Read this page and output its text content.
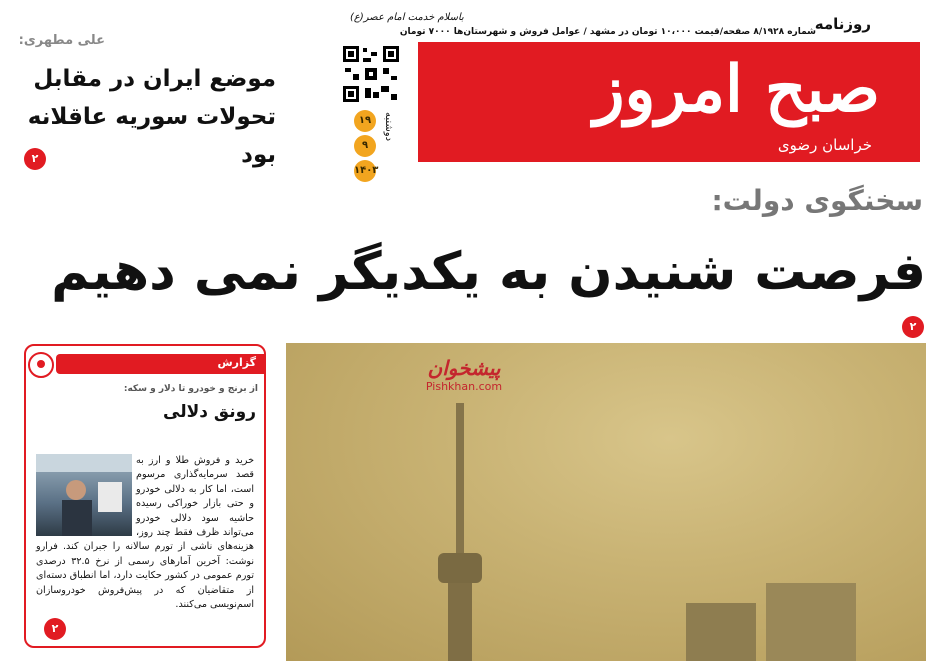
روزنامه
شماره ۸/۱۹۲۸ صفحه/قیمت ۱۰،۰۰۰ تومان در مشهد / عوامل فروش و شهرستان‌ها ۷۰۰۰ تومان
باسلام خدمت امام عصر(ع)
صبح امروز
خراسان رضوی
۱۹
۹
۱۴۰۳
دوشنبه
علی مطهری:
موضع ایران در مقابل تحولات سوریه عاقلانه بود
۲
سخنگوی دولت:
فرصت شنیدن به یکدیگر نمی دهیم
۲
گزارش
از برنج و خودرو تا دلار و سکه:
رونق دلالی
خرید و فروش طلا و ارز به قصد سرمایه‌گذاری مرسوم است، اما کار به دلالی خودرو و حتی بازار خوراکی رسیده حاشیه سود دلالی خودرو می‌تواند ظرف فقط چند روز، هزینه‌های ناشی از تورم سالانه را جبران کند. فرارو نوشت: آخرین آمارهای رسمی از نرخ ۳۲.۵ درصدی تورم عمومی در کشور حکایت دارد، اما انطباق دسته‌ای از متقاضیان که در پیش‌فروش خودروسازان اسم‌نویسی می‌کنند.
۲
پیشخوان
Pishkhan.com
